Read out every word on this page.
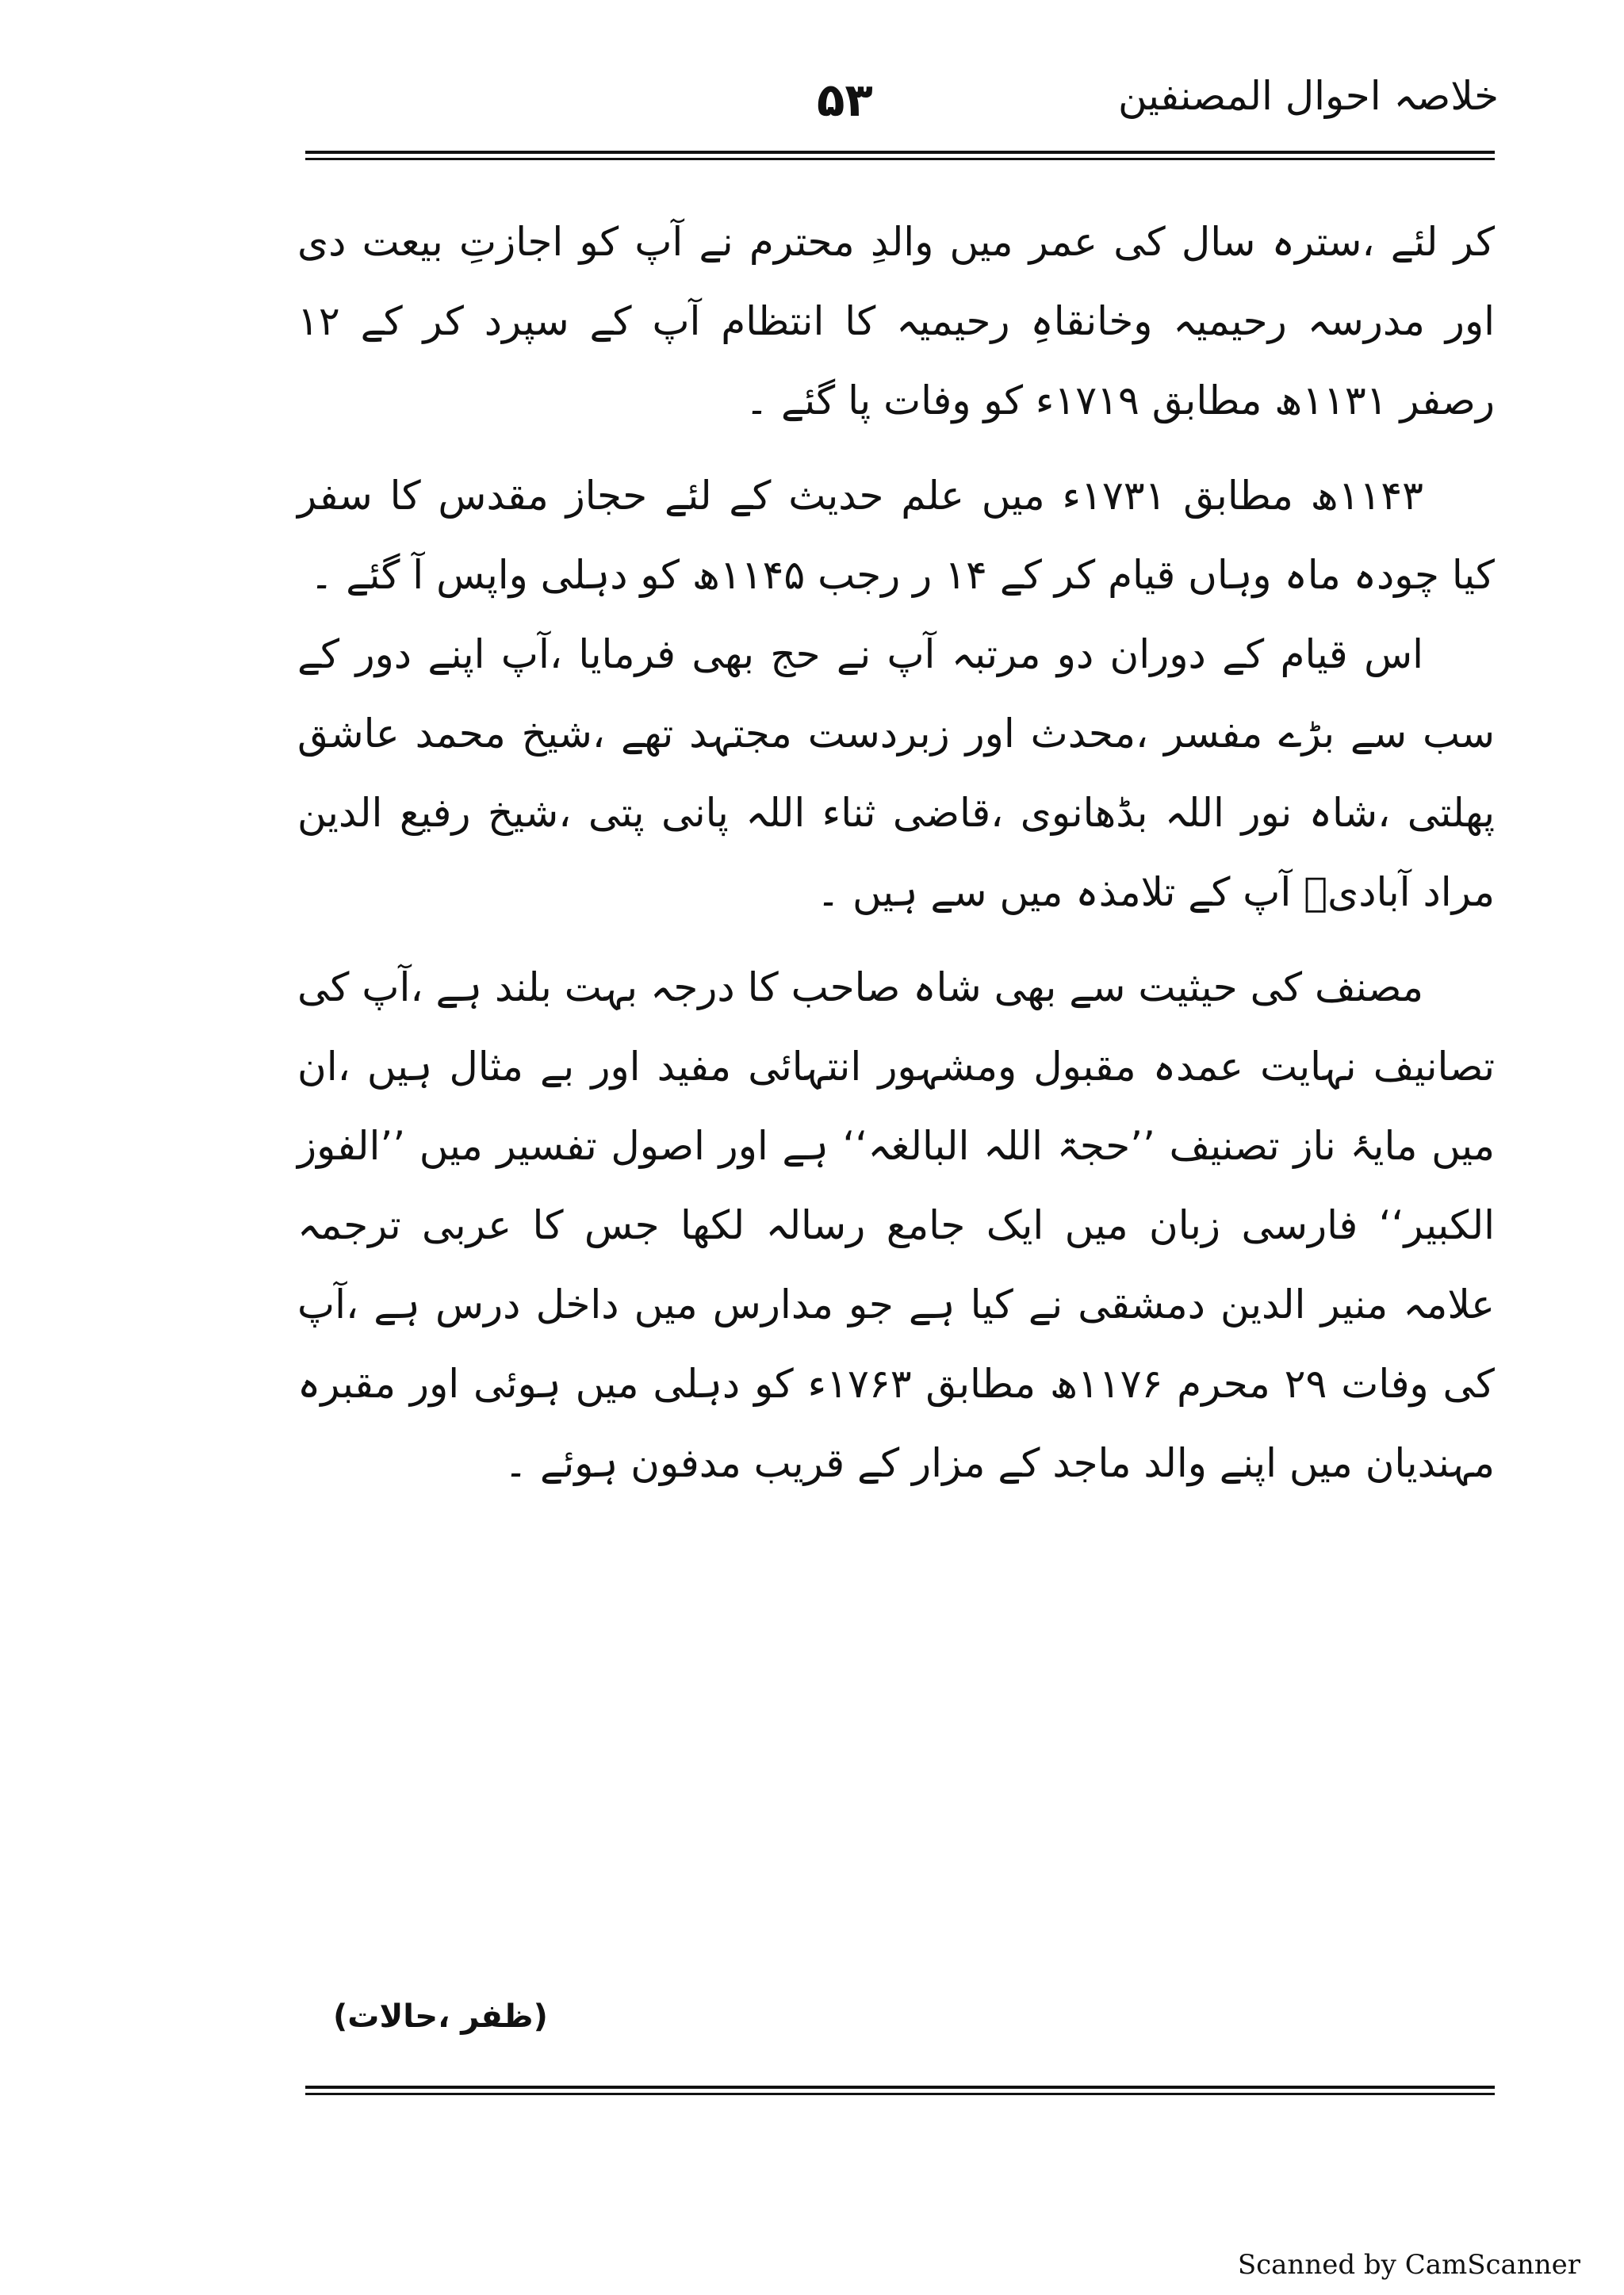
خلاصہ احوال المصنفین
۵۳

کر لئے ،سترہ سال کی عمر میں والدِ محترم نے آپ کو اجازتِ بیعت دی اور مدرسہ رحیمیہ وخانقاہِ رحیمیہ کا انتظام آپ کے سپرد کر کے ۱۲ رصفر ۱۱۳۱ھ مطابق ۱۷۱۹ء کو وفات پا گئے ۔

۱۱۴۳ھ مطابق ۱۷۳۱ء میں علم حدیث کے لئے حجاز مقدس کا سفر کیا چودہ ماہ وہاں قیام کر کے ۱۴ ر رجب ۱۱۴۵ھ کو دہلی واپس آ گئے ۔

اس قیام کے دوران دو مرتبہ آپ نے حج بھی فرمایا ،آپ اپنے دور کے سب سے بڑے مفسر ،محدث اور زبردست مجتہد تھے ،شیخ محمد عاشق پھلتی ،شاہ نور اللہ بڈھانوی ،قاضی ثناء اللہ پانی پتی ،شیخ رفیع الدین مراد آبادیؒ آپ کے تلامذہ میں سے ہیں ۔

مصنف کی حیثیت سے بھی شاہ صاحب کا درجہ بہت بلند ہے ،آپ کی تصانیف نہایت عمدہ مقبول ومشہور انتہائی مفید اور بے مثال ہیں ،ان میں مایۂ ناز تصنیف ’’حجۃ اللہ البالغہ‘‘ ہے اور اصول تفسیر میں ’’الفوز الکبیر‘‘ فارسی زبان میں ایک جامع رسالہ لکھا جس کا عربی ترجمہ علامہ منیر الدین دمشقی نے کیا ہے جو مدارس میں داخل درس ہے ،آپ کی وفات ۲۹ محرم ۱۱۷۶ھ مطابق ۱۷۶۳ء کو دہلی میں ہوئی اور مقبرہ مہندیان میں اپنے والد ماجد کے مزار کے قریب مدفون ہوئے ۔

(ظفر ،حالات)
Scanned by CamScanner
